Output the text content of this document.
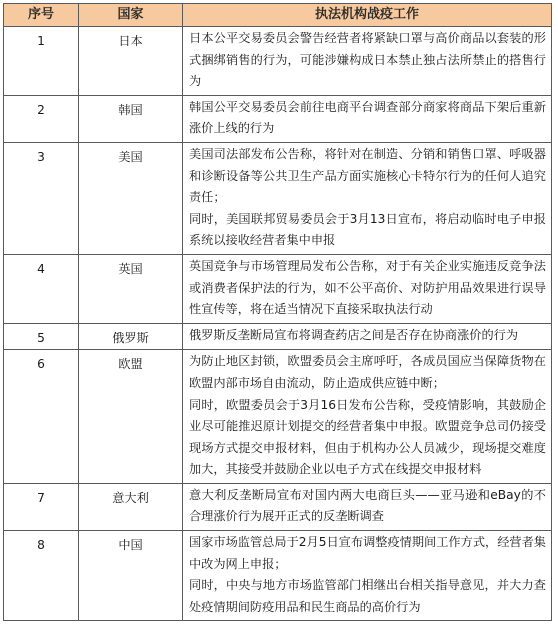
序号	国家	执法机构战疫工作
1	日本	日本公平交易委员会警告经营者将紧缺口罩与高价商品以套装的形式捆绑销售的行为，可能涉嫌构成日本禁止独占法所禁止的搭售行为

2	韩国	韩国公平交易委员会前往电商平台调查部分商家将商品下架后重新涨价上线的行为

3	美国	美国司法部发布公告称，将针对在制造、分销和销售口罩、呼吸器和诊断设备等公共卫生产品方面实施核心卡特尔行为的任何人追究责任；

同时，美国联邦贸易委员会于3月13日宣布，将启动临时电子申报系统以接收经营者集中申报

4	英国	英国竞争与市场管理局发布公告称，对于有关企业实施违反竞争法或消费者保护法的行为，如不公平高价、对防护用品效果进行误导性宣传等，将在适当情况下直接采取执法行动

5	俄罗斯	俄罗斯反垄断局宣布将调查药店之间是否存在协商涨价的行为

6	欧盟	为防止地区封锁，欧盟委员会主席呼吁，各成员国应当保障货物在欧盟内部市场自由流动，防止造成供应链中断；

同时，欧盟委员会于3月16日发布公告称，受疫情影响，其鼓励企业尽可能推迟原计划提交的经营者集中申报。欧盟竞争总司仍接受现场方式提交申报材料，但由于机构办公人员减少，现场提交难度加大，其接受并鼓励企业以电子方式在线提交申报材料

7	意大利	意大利反垄断局宣布对国内两大电商巨头——亚马逊和eBay的不合理涨价行为展开正式的反垄断调查

8	中国	国家市场监管总局于2月5日宣布调整疫情期间工作方式，经营者集中改为网上申报；

同时，中央与地方市场监管部门相继出台相关指导意见，并大力查处疫情期间防疫用品和民生商品的高价行为
